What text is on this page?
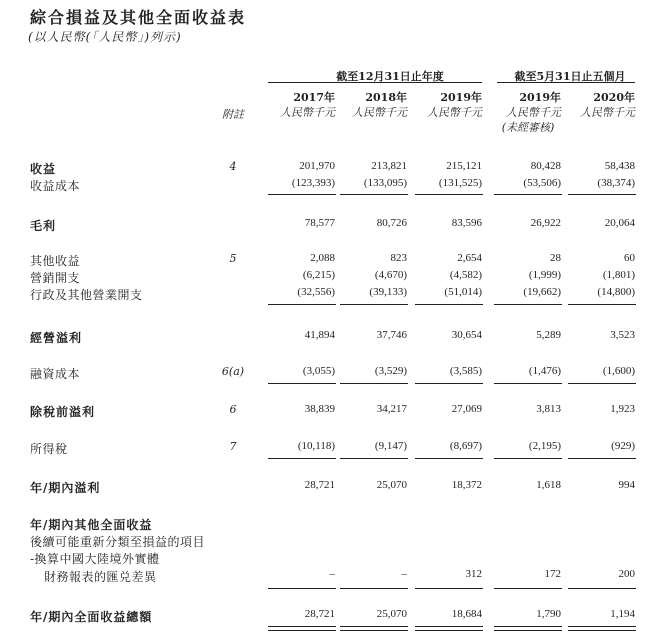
綜合損益及其他全面收益表
(以人民幣(「人民幣」)列示)
截至12月31日止年度	截至5月31日止五個月
附註
2017年
人民幣千元
2018年
人民幣千元
2019年
人民幣千元
2019年
人民幣千元
(未經審核)
2020年
人民幣千元
收益	4	201,970	213,821	215,121	80,428	58,438
收益成本	(123,393)	(133,095)	(131,525)	(53,506)	(38,374)
毛利	78,577	80,726	83,596	26,922	20,064
其他收益	5	2,088	823	2,654	28	60
營銷開支	(6,215)	(4,670)	(4,582)	(1,999)	(1,801)
行政及其他營業開支	(32,556)	(39,133)	(51,014)	(19,662)	(14,800)
經營溢利	41,894	37,746	30,654	5,289	3,523
融資成本	6(a)	(3,055)	(3,529)	(3,585)	(1,476)	(1,600)
除稅前溢利	6	38,839	34,217	27,069	3,813	1,923
所得稅	7	(10,118)	(9,147)	(8,697)	(2,195)	(929)
年/期內溢利	28,721	25,070	18,372	1,618	994
年/期內其他全面收益
後續可能重新分類至損益的項目
-換算中國大陸境外實體
財務報表的匯兑差異	–	–	312	172	200
年/期內全面收益總額	28,721	25,070	18,684	1,790	1,194
